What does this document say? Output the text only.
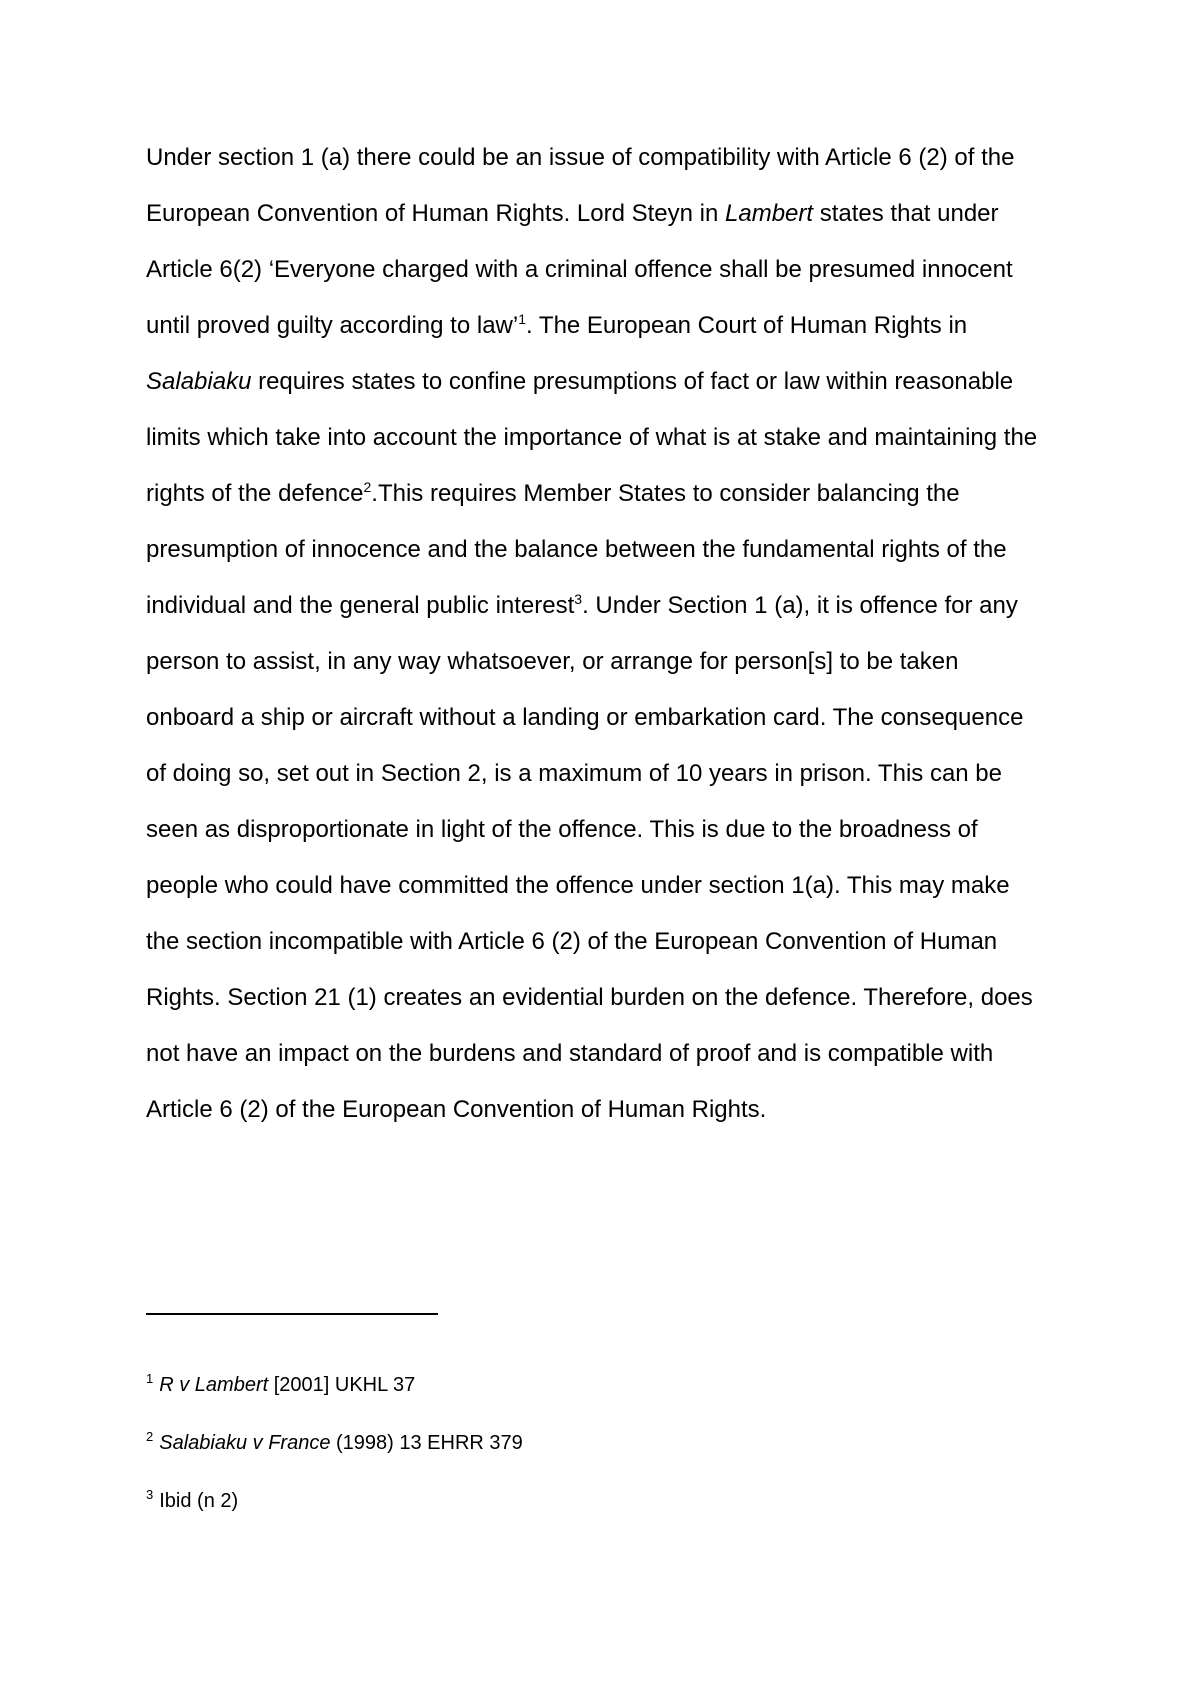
Under section 1 (a) there could be an issue of compatibility with Article 6 (2) of the
European Convention of Human Rights. Lord Steyn in Lambert states that under
Article 6(2) ‘Everyone charged with a criminal offence shall be presumed innocent
until proved guilty according to law’$^1$. The European Court of Human Rights in
Salabiaku requires states to confine presumptions of fact or law within reasonable
limits which take into account the importance of what is at stake and maintaining the
rights of the defence$^2$.This requires Member States to consider balancing the
presumption of innocence and the balance between the fundamental rights of the
individual and the general public interest$^3$. Under Section 1 (a), it is offence for any
person to assist, in any way whatsoever, or arrange for person[s] to be taken
onboard a ship or aircraft without a landing or embarkation card. The consequence
of doing so, set out in Section 2, is a maximum of 10 years in prison. This can be
seen as disproportionate in light of the offence. This is due to the broadness of
people who could have committed the offence under section 1(a). This may make
the section incompatible with Article 6 (2) of the European Convention of Human
Rights. Section 21 (1) creates an evidential burden on the defence. Therefore, does
not have an impact on the burdens and standard of proof and is compatible with
Article 6 (2) of the European Convention of Human Rights.
$^1$ R v Lambert [2001] UKHL 37
$^2$ Salabiaku v France (1998) 13 EHRR 379
$^3$ Ibid (n 2)
